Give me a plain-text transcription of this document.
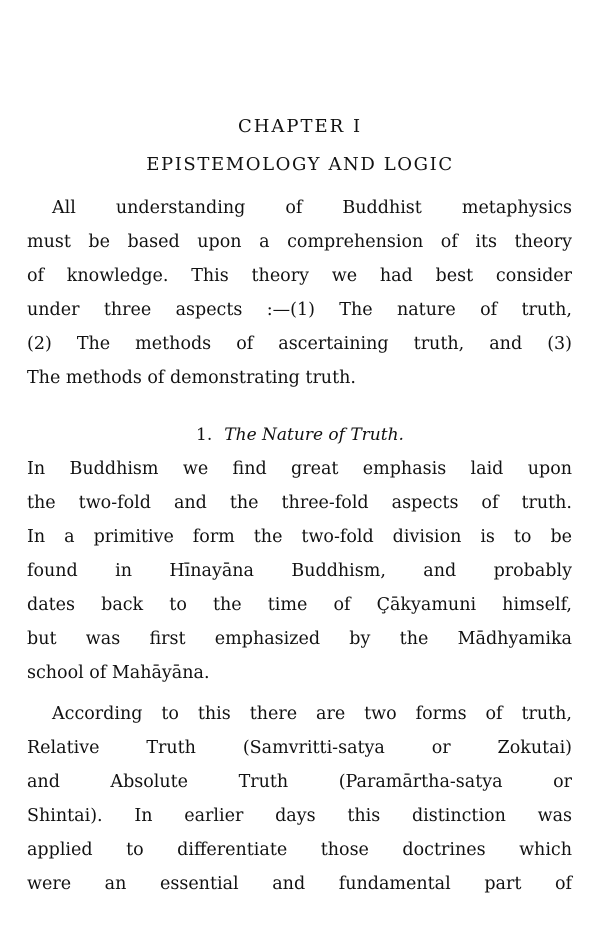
CHAPTER I
EPISTEMOLOGY AND LOGIC
All understanding of Buddhist metaphysics
must be based upon a comprehension of its theory
of knowledge. This theory we had best consider
under three aspects :—(1) The nature of truth,
(2) The methods of ascertaining truth, and (3)
The methods of demonstrating truth.
1. The Nature of Truth.
In Buddhism we find great emphasis laid upon
the two-fold and the three-fold aspects of truth.
In a primitive form the two-fold division is to be
found in Hīnayāna Buddhism, and probably
dates back to the time of Çākyamuni himself,
but was first emphasized by the Mādhyamika
school of Mahāyāna.
According to this there are two forms of truth,
Relative Truth (Samvritti-satya or Zokutai)
and Absolute Truth (Paramārtha-satya or
Shintai). In earlier days this distinction was
applied to differentiate those doctrines which
were an essential and fundamental part of
